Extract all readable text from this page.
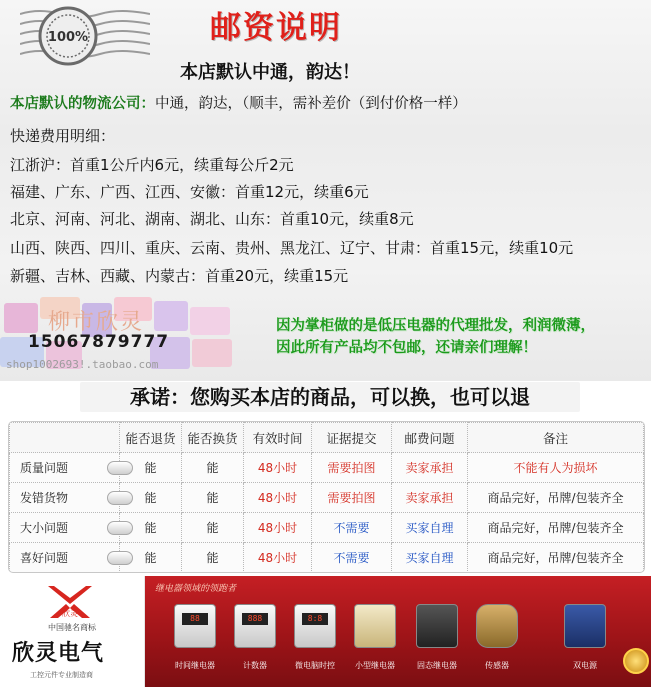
100%	邮资说明
本店默认中通，韵达！
本店默认的物流公司：中通，韵达，（顺丰，需补差价（到付价格一样）
快递费用明细：
江浙沪：首重1公斤内6元，续重每公斤2元
福建、广东、广西、江西、安徽：首重12元，续重6元
北京、河南、河北、湖南、湖北、山东：首重10元，续重8元
山西、陕西、四川、重庆、云南、贵州、黑龙江、辽宁、甘肃：首重15元，续重10元
新疆、吉林、西藏、内蒙古：首重20元，续重15元
柳市欣灵
15067879777
shop1002693!.taobao.com
因为掌柜做的是低压电器的代理批发，利润微薄，
因此所有产品均不包邮，还请亲们理解！
承诺：您购买本店的商品，可以换，也可以退
	能否退货	能否换货	有效时间	证据提交	邮费问题	备注
质量问题	能	能	48小时	需要拍图	卖家承担	不能有人为损坏
发错货物	能	能	48小时	需要拍图	卖家承担	商品完好，吊牌/包装齐全
大小问题	能	能	48小时	不需要	买家自理	商品完好，吊牌/包装齐全
喜好问题	能	能	48小时	不需要	买家自理	商品完好，吊牌/包装齐全
欣灵
中国驰名商标
欣灵电气
工控元件专业制造商
继电器领域的领跑者
88
时间继电器
888
计数器
8:8
微电脑时控	小型继电器	固态继电器	传感器	双电源
